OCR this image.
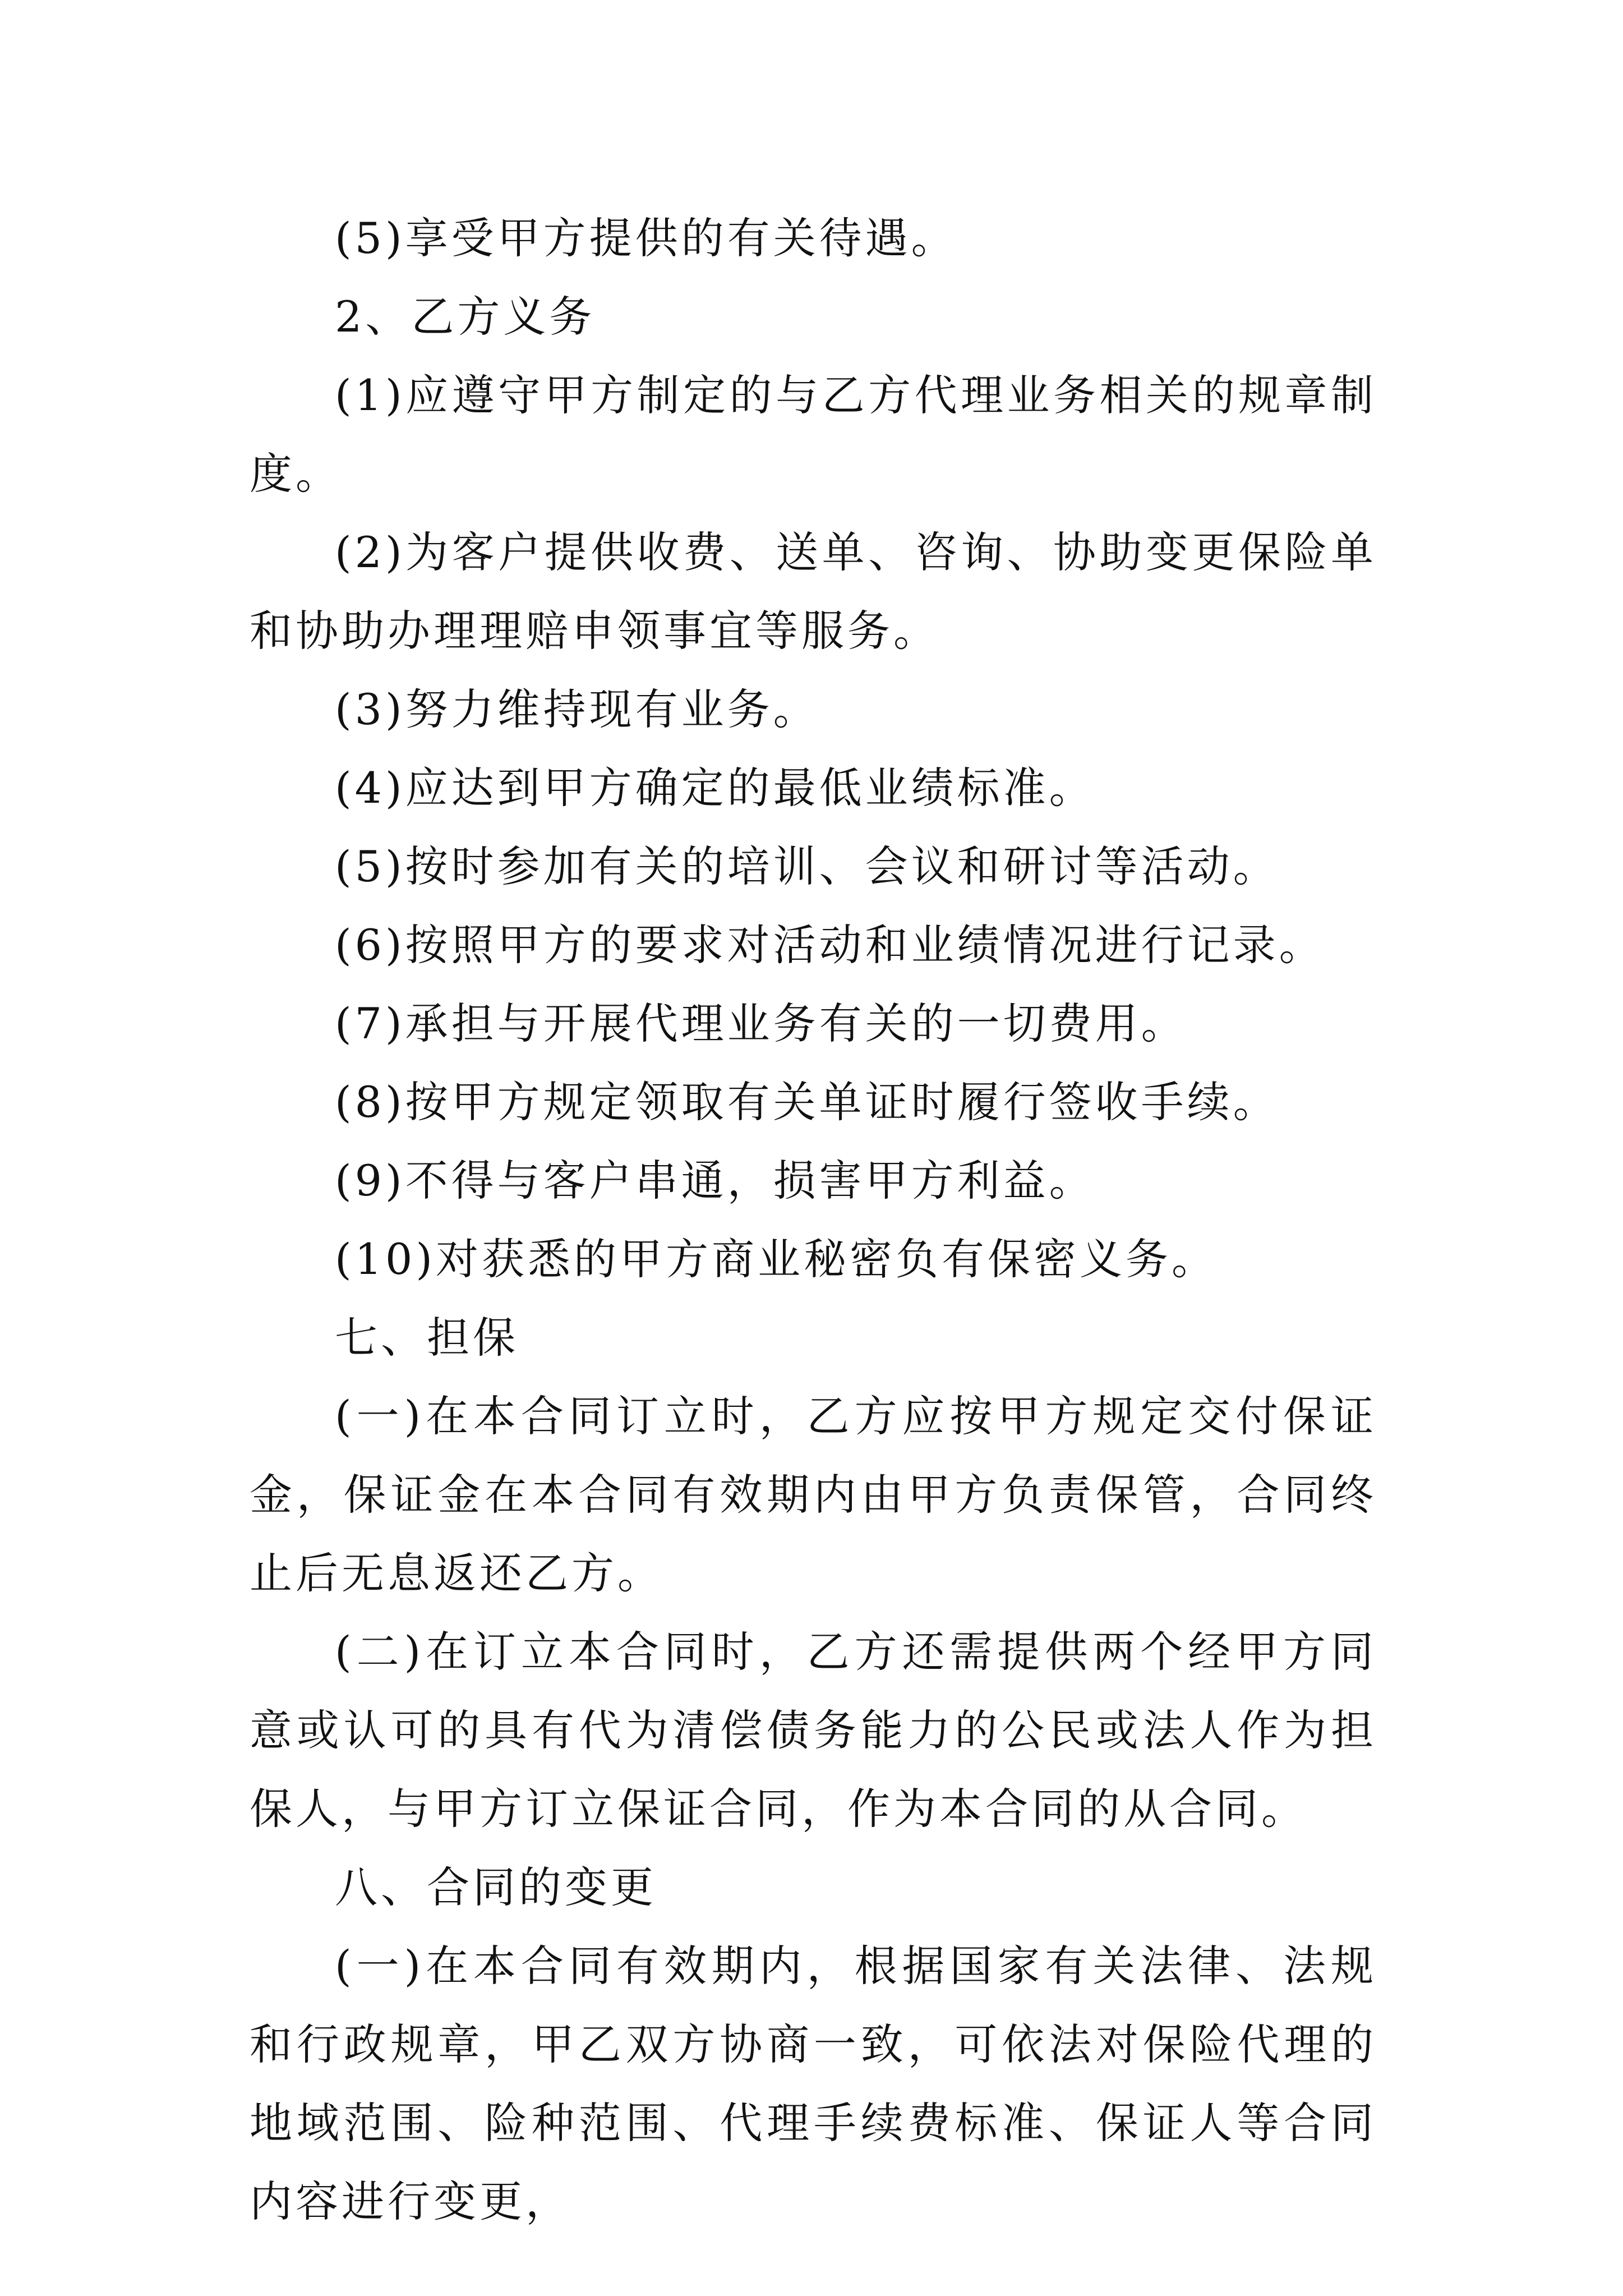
(5)享受甲方提供的有关待遇。

2、乙方义务

(1)应遵守甲方制定的与乙方代理业务相关的规章制度。

(2)为客户提供收费、送单、咨询、协助变更保险单和协助办理理赔申领事宜等服务。

(3)努力维持现有业务。

(4)应达到甲方确定的最低业绩标准。

(5)按时参加有关的培训、会议和研讨等活动。

(6)按照甲方的要求对活动和业绩情况进行记录。

(7)承担与开展代理业务有关的一切费用。

(8)按甲方规定领取有关单证时履行签收手续。

(9)不得与客户串通，损害甲方利益。

(10)对获悉的甲方商业秘密负有保密义务。

七、担保

(一)在本合同订立时，乙方应按甲方规定交付保证金，保证金在本合同有效期内由甲方负责保管，合同终止后无息返还乙方。

(二)在订立本合同时，乙方还需提供两个经甲方同意或认可的具有代为清偿债务能力的公民或法人作为担保人，与甲方订立保证合同，作为本合同的从合同。

八、合同的变更

(一)在本合同有效期内，根据国家有关法律、法规和行政规章，甲乙双方协商一致，可依法对保险代理的地域范围、险种范围、代理手续费标准、保证人等合同内容进行变更，
